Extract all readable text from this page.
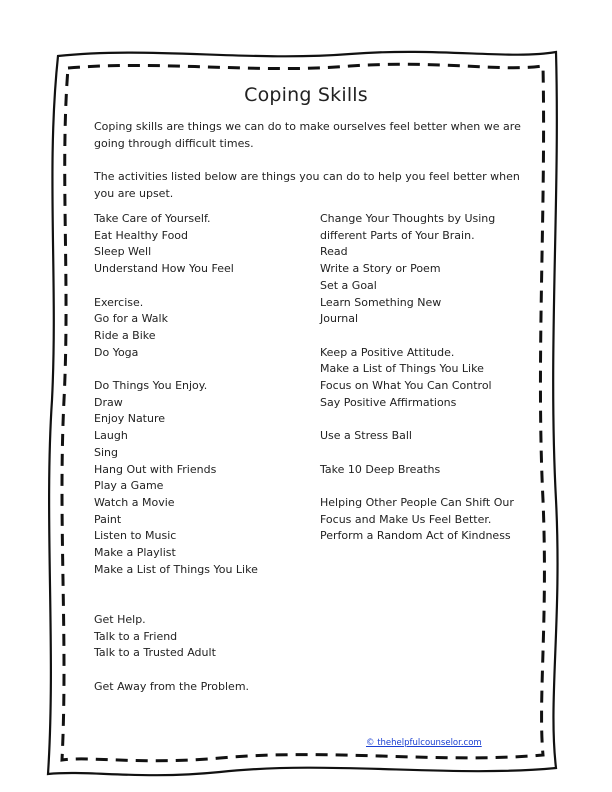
Coping Skills
Coping skills are things we can do to make ourselves feel better when we are going through difficult times.
The activities listed below are things you can do to help you feel better when you are upset.
Take Care of Yourself.
Eat Healthy Food
Sleep Well
Understand How You Feel
Exercise.
Go for a Walk
Ride a Bike
Do Yoga
Do Things You Enjoy.
Draw
Enjoy Nature
Laugh
Sing
Hang Out with Friends
Play a Game
Watch a Movie
Paint
Listen to Music
Make a Playlist
Make a List of Things You Like
Get Help.
Talk to a Friend
Talk to a Trusted Adult
Get Away from the Problem.
Change Your Thoughts by Using
different Parts of Your Brain.
Read
Write a Story or Poem
Set a Goal
Learn Something New
Journal
Keep a Positive Attitude.
Make a List of Things You Like
Focus on What You Can Control
Say Positive Affirmations
Use a Stress Ball
Take 10 Deep Breaths
Helping Other People Can Shift Our
Focus and Make Us Feel Better.
Perform a Random Act of Kindness
© thehelpfulcounselor.com
